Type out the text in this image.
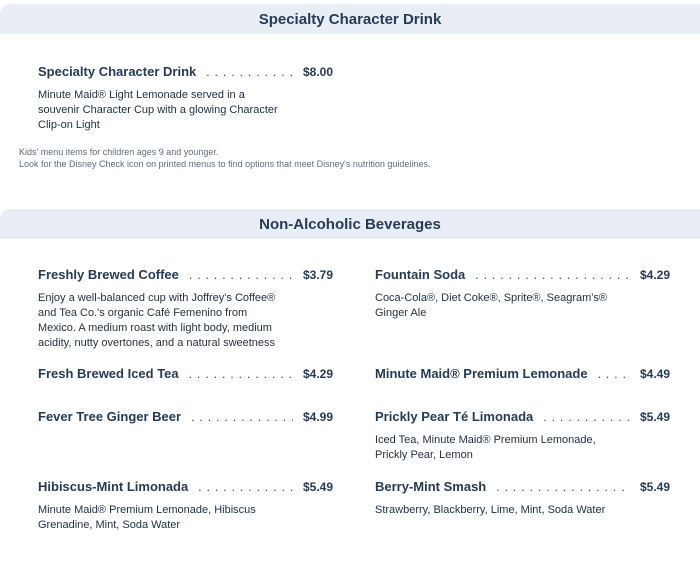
Specialty Character Drink
Specialty Character Drink .....	$8.00
Minute Maid® Light Lemonade served in a souvenir Character Cup with a glowing Character Clip-on Light
Kids' menu items for children ages 9 and younger.
Look for the Disney Check icon on printed menus to find options that meet Disney's nutrition guidelines.
Non-Alcoholic Beverages
Freshly Brewed Coffee .....	$3.79
Enjoy a well-balanced cup with Joffrey's Coffee® and Tea Co.'s organic Café Femenino from Mexico. A medium roast with light body, medium acidity, nutty overtones, and a natural sweetness
Fresh Brewed Iced Tea .....	$4.29
Fever Tree Ginger Beer .....	$4.99
Hibiscus-Mint Limonada .....	$5.49
Minute Maid® Premium Lemonade, Hibiscus Grenadine, Mint, Soda Water
Fountain Soda .....	$4.29
Coca-Cola®, Diet Coke®, Sprite®, Seagram's® Ginger Ale
Minute Maid® Premium Lemonade .....	$4.49
Prickly Pear Té Limonada .....	$5.49
Iced Tea, Minute Maid® Premium Lemonade, Prickly Pear, Lemon
Berry-Mint Smash .....	$5.49
Strawberry, Blackberry, Lime, Mint, Soda Water
